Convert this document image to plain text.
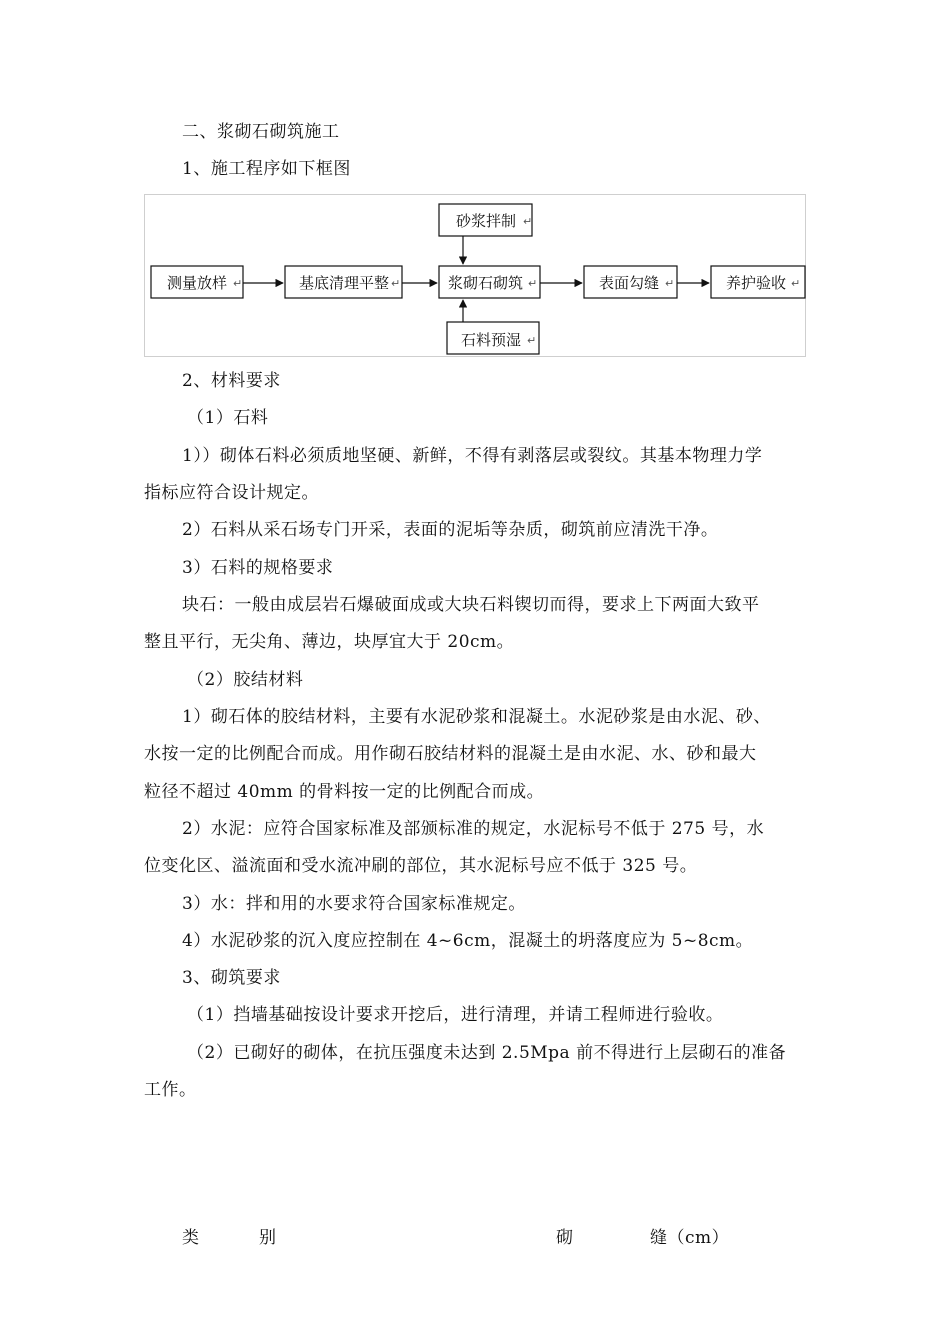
二、浆砌石砌筑施工
1、施工程序如下框图
砂浆拌制 ↵
测量放样 ↵	基底清理平整 ↵	浆砌石砌筑 ↵	表面勾缝 ↵	养护验收 ↵
石料预湿 ↵
2、材料要求
（1）石料
1））砌体石料必须质地坚硬、新鲜，不得有剥落层或裂纹。其基本物理力学
指标应符合设计规定。
2）石料从采石场专门开采，表面的泥垢等杂质，砌筑前应清洗干净。
3）石料的规格要求
块石：一般由成层岩石爆破面成或大块石料锲切而得，要求上下两面大致平
整且平行，无尖角、薄边，块厚宜大于 20cm。
（2）胶结材料
1）砌石体的胶结材料，主要有水泥砂浆和混凝土。水泥砂浆是由水泥、砂、
水按一定的比例配合而成。用作砌石胶结材料的混凝土是由水泥、水、砂和最大
粒径不超过 40mm 的骨料按一定的比例配合而成。
2）水泥：应符合国家标准及部颁标准的规定，水泥标号不低于 275 号，水
位变化区、溢流面和受水流冲刷的部位，其水泥标号应不低于 325 号。
3）水：拌和用的水要求符合国家标准规定。
4）水泥砂浆的沉入度应控制在 4~6cm，混凝土的坍落度应为 5~8cm。
3、砌筑要求
（1）挡墙基础按设计要求开挖后，进行清理，并请工程师进行验收。
（2）已砌好的砌体，在抗压强度未达到 2.5Mpa 前不得进行上层砌石的准备
工作。
类	别	砌	缝（cm）
